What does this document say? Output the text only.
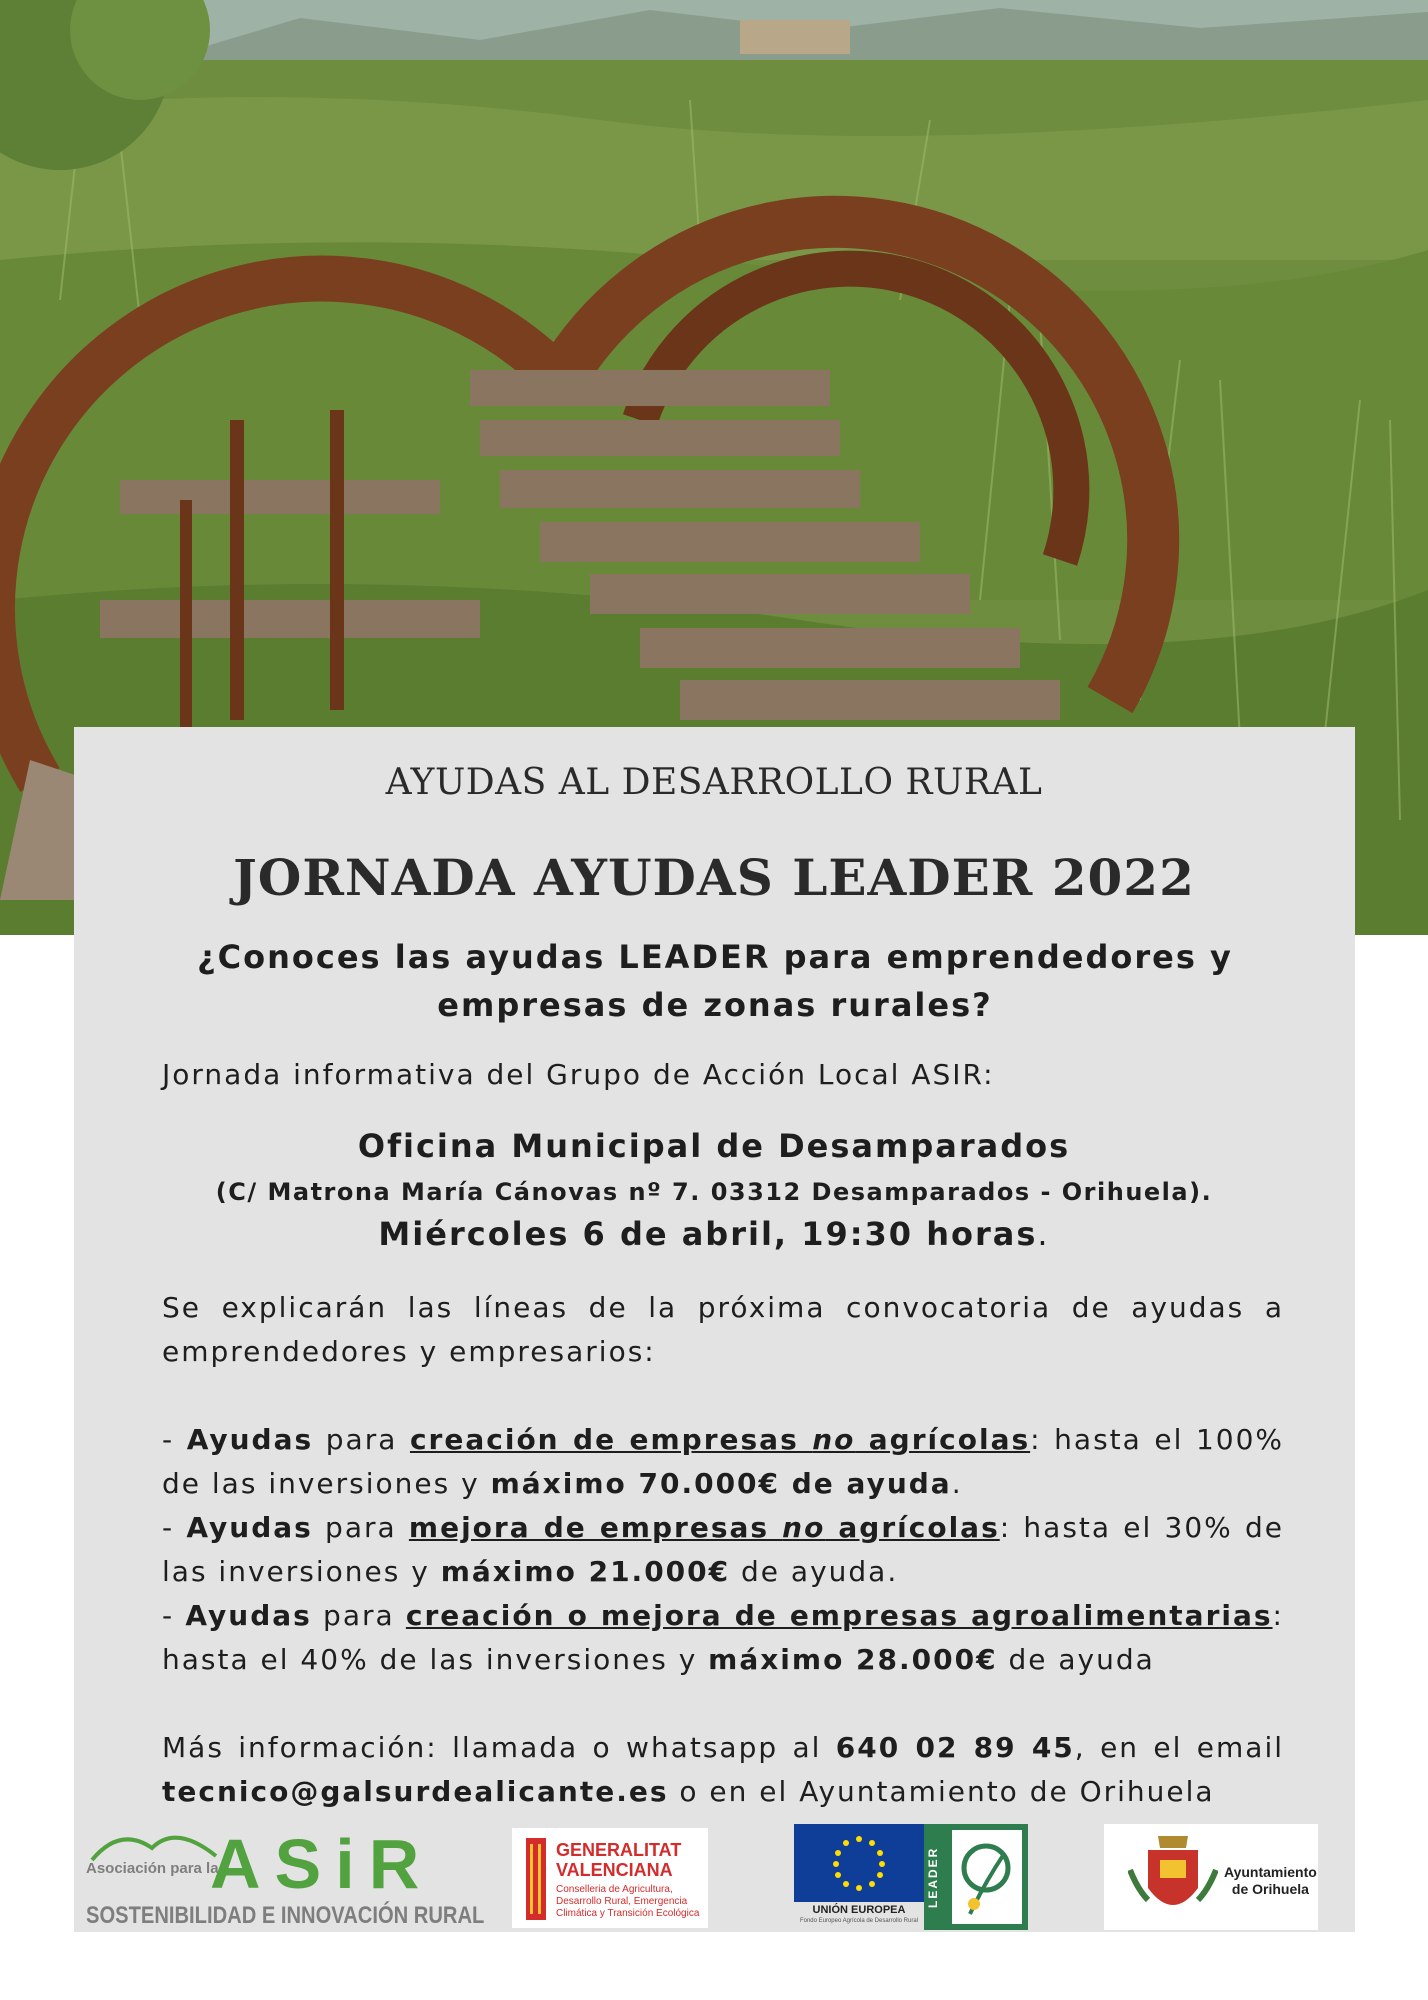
AYUDAS AL DESARROLLO RURAL
JORNADA AYUDAS LEADER 2022
¿Conoces las ayudas LEADER para emprendedores y empresas de zonas rurales?
Jornada informativa del Grupo de Acción Local ASIR:
Oficina Municipal de Desamparados
(C/ Matrona María Cánovas nº 7. 03312 Desamparados - Orihuela).
Miércoles 6 de abril, 19:30 horas.

Se explicarán las líneas de la próxima convocatoria de ayudas a emprendedores y empresarios:

- Ayudas para creación de empresas no agrícolas: hasta el 100% de las inversiones y máximo 70.000€ de ayuda.

- Ayudas para mejora de empresas no agrícolas: hasta el 30% de las inversiones y máximo 21.000€ de ayuda.

- Ayudas para creación o mejora de empresas agroalimentarias: hasta el 40% de las inversiones y máximo 28.000€ de ayuda

Más información: llamada o whatsapp al 640 02 89 45, en el email tecnico@galsurdealicante.es o en el Ayuntamiento de Orihuela

Asociación para la
ASiR
SOSTENIBILIDAD E INNOVACIÓN RURAL
GENERALITAT
VALENCIANA
Conselleria de Agricultura,
Desarrollo Rural, Emergencia
Climática y Transición Ecológica	UNIÓN EUROPEA
Fondo Europeo Agrícola de Desarrollo Rural
LEADER	Ayuntamiento
de Orihuela
